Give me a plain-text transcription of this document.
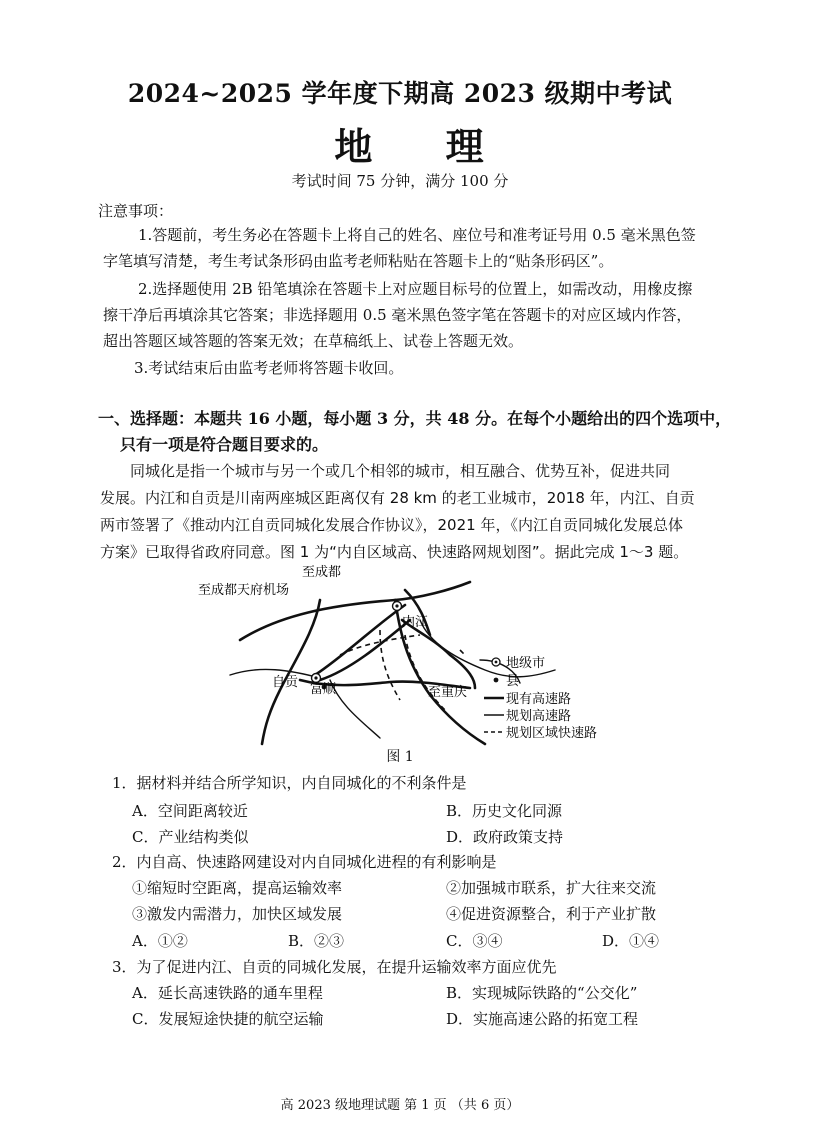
2024~2025 学年度下期高 2023 级期中考试
地 理
考试时间 75 分钟，满分 100 分
注意事项：
1.答题前，考生务必在答题卡上将自己的姓名、座位号和准考证号用 0.5 毫米黑色签
字笔填写清楚，考生考试条形码由监考老师粘贴在答题卡上的“贴条形码区”。
2.选择题使用 2B 铅笔填涂在答题卡上对应题目标号的位置上，如需改动，用橡皮擦
擦干净后再填涂其它答案；非选择题用 0.5 毫米黑色签字笔在答题卡的对应区域内作答，
超出答题区域答题的答案无效；在草稿纸上、试卷上答题无效。
3.考试结束后由监考老师将答题卡收回。
一、选择题：本题共 16 小题，每小题 3 分，共 48 分。在每个小题给出的四个选项中，
只有一项是符合题目要求的。
同城化是指一个城市与另一个或几个相邻的城市，相互融合、优势互补，促进共同
发展。内江和自贡是川南两座城区距离仅有 28 km 的老工业城市，2018 年，内江、自贡
两市签署了《推动内江自贡同城化发展合作协议》，2021 年，《内江自贡同城化发展总体
方案》已取得省政府同意。图 1 为“内自区域高、快速路网规划图”。据此完成 1～3 题。
至成都
至成都天府机场
内江
自贡 富顺	至重庆
地级市
县
现有高速路
规划高速路
规划区域快速路
图 1
1．据材料并结合所学知识，内自同城化的不利条件是
A．空间距离较近	B．历史文化同源
C．产业结构类似	D．政府政策支持
2．内自高、快速路网建设对内自同城化进程的有利影响是
①缩短时空距离，提高运输效率	②加强城市联系，扩大往来交流
③激发内需潜力，加快区域发展	④促进资源整合，利于产业扩散
A．①②	B．②③	C．③④	D．①④
3．为了促进内江、自贡的同城化发展，在提升运输效率方面应优先
A．延长高速铁路的通车里程	B．实现城际铁路的“公交化”
C．发展短途快捷的航空运输	D．实施高速公路的拓宽工程
高 2023 级地理试题 第 1 页 （共 6 页）
